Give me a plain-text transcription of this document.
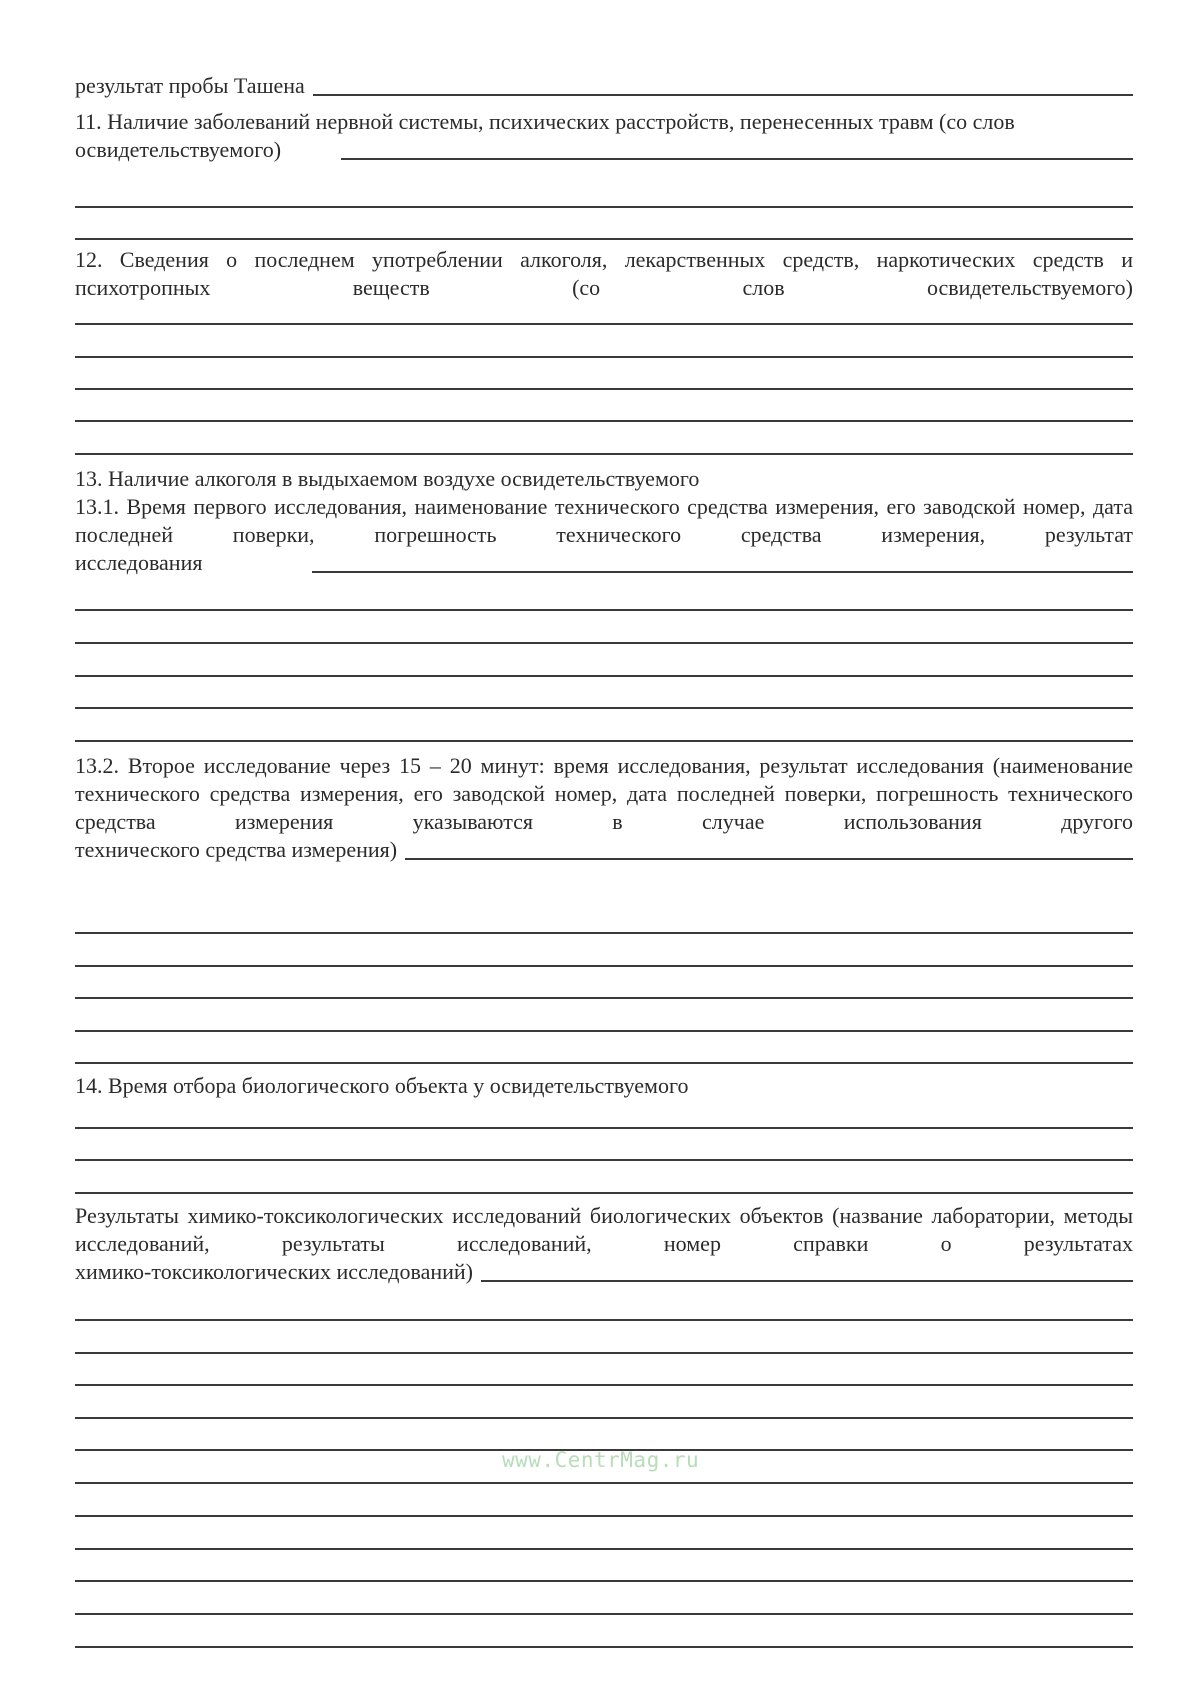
результат пробы Ташена

11. Наличие заболеваний нервной системы, психических расстройств, перенесенных травм (со слов

освидетельствуемого)

12. Сведения о последнем употреблении алкоголя, лекарственных средств, наркотических средств и психотропных веществ (со слов освидетельствуемого)

13. Наличие алкоголя в выдыхаемом воздухе освидетельствуемого

13.1. Время первого исследования, наименование технического средства измерения, его заводской номер, дата последней поверки, погрешность технического средства измерения, результат

исследования

13.2. Второе исследование через 15 – 20 минут: время исследования, результат исследования (наименование технического средства измерения, его заводской номер, дата последней поверки, погрешность технического средства измерения указываются в случае использования другого

технического средства измерения)

14. Время отбора биологического объекта у освидетельствуемого

Результаты химико-токсикологических исследований биологических объектов (название лаборатории, методы исследований, результаты исследований, номер справки о результатах

химико-токсикологических исследований)
www.CentrMag.ru
